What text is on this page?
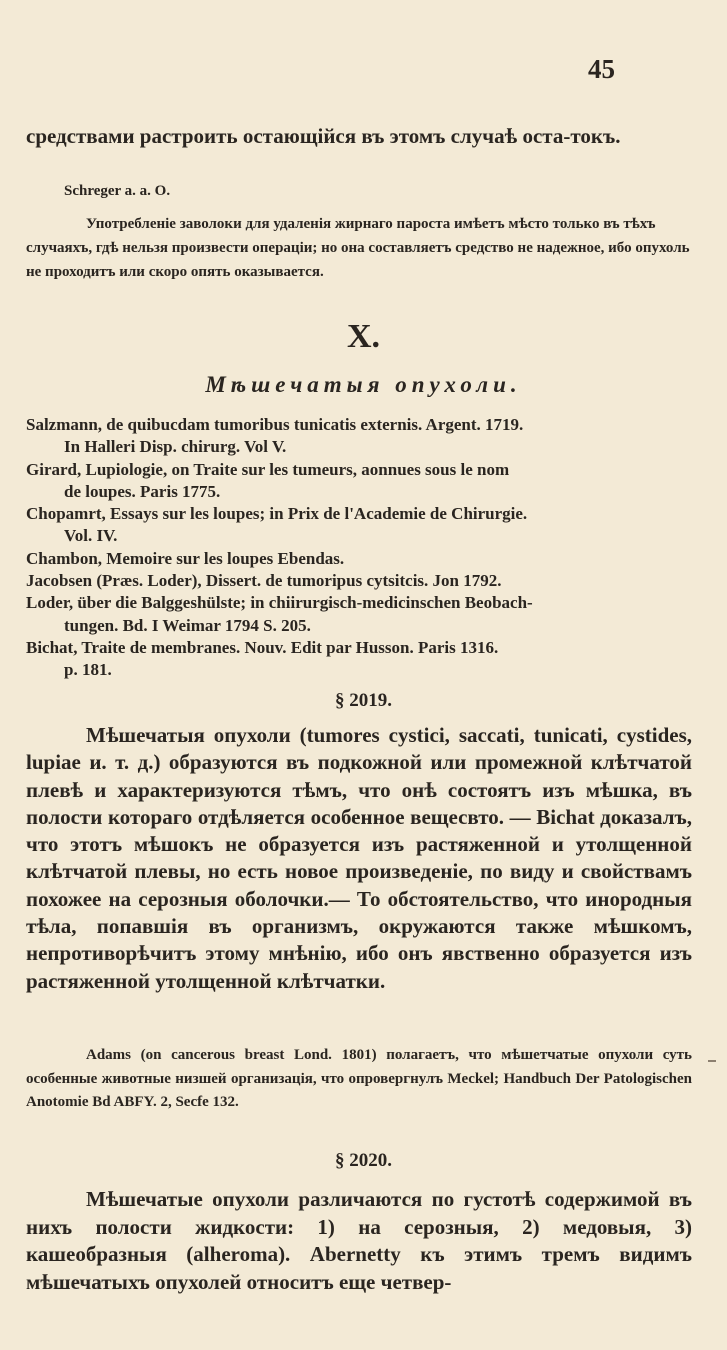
45
средствами растроить остающійся въ этомъ случаѣ оста-токъ.
Schreger a. a. O.
Употребленіе заволоки для удаленія жирнаго пароста имѣетъ мѣсто только въ тѣхъ случаяхъ, гдѣ нельзя произвести операціи; но она составляетъ средство не надежное, ибо опухоль не проходитъ или скоро опять оказывается.
X.
Мѣшечатыя опухоли.
Salzmann, de quibucdam tumoribus tunicatis externis. Argent. 1719.
In Halleri Disp. chirurg. Vol V.
Girard, Lupiologie, on Traite sur les tumeurs, aonnues sous le nom
de loupes. Paris 1775.
Chopamrt, Essays sur les loupes; in Prix de l'Academie de Chirurgie.
Vol. IV.
Chambon, Memoire sur les loupes Ebendas.
Jacobsen (Præs. Loder), Dissert. de tumoripus cytsitcis. Jon 1792.
Loder, über die Balggeshülste; in chiirurgisch-medicinschen Beobach-
tungen. Bd. I Weimar 1794 S. 205.
Bichat, Traite de membranes. Nouv. Edit par Husson. Paris 1316.
p. 181.
§ 2019.
Мѣшечатыя опухоли (tumores cystici, saccati, tunicati, cystides, lupiae и. т. д.) образуются въ подкожной или промежной клѣтчатой плевѣ и характеризуются тѣмъ, что онѣ состоятъ изъ мѣшка, въ полости котораго отдѣляется особенное вещесвто. — Bichat доказалъ, что этотъ мѣшокъ не образуется изъ растяженной и утолщенной клѣтчатой плевы, но есть новое произведеніе, по виду и свойствамъ похожее на серозныя оболочки.— То обстоятельство, что инородныя тѣла, попавшія въ организмъ, окружаются также мѣшкомъ, непротиворѣчитъ этому мнѣнію, ибо онъ явственно образуется изъ растяженной утолщенной клѣтчатки.
Adams (on cancerous breast Lond. 1801) полагаетъ, что мѣшетчатые опухоли суть особенные животные низшей организація, что опровергнулъ Meckel; Handbuch Der Patologischen Anotomie Bd ABFY. 2, Secfe 132.
§ 2020.
Мѣшечатые опухоли различаются по густотѣ содержимой въ нихъ полости жидкости: 1) на серозныя, 2) медовыя, 3) кашеобразныя (alheroma). Abernetty къ этимъ тремъ видимъ мѣшечатыхъ опухолей относитъ еще четвер-
